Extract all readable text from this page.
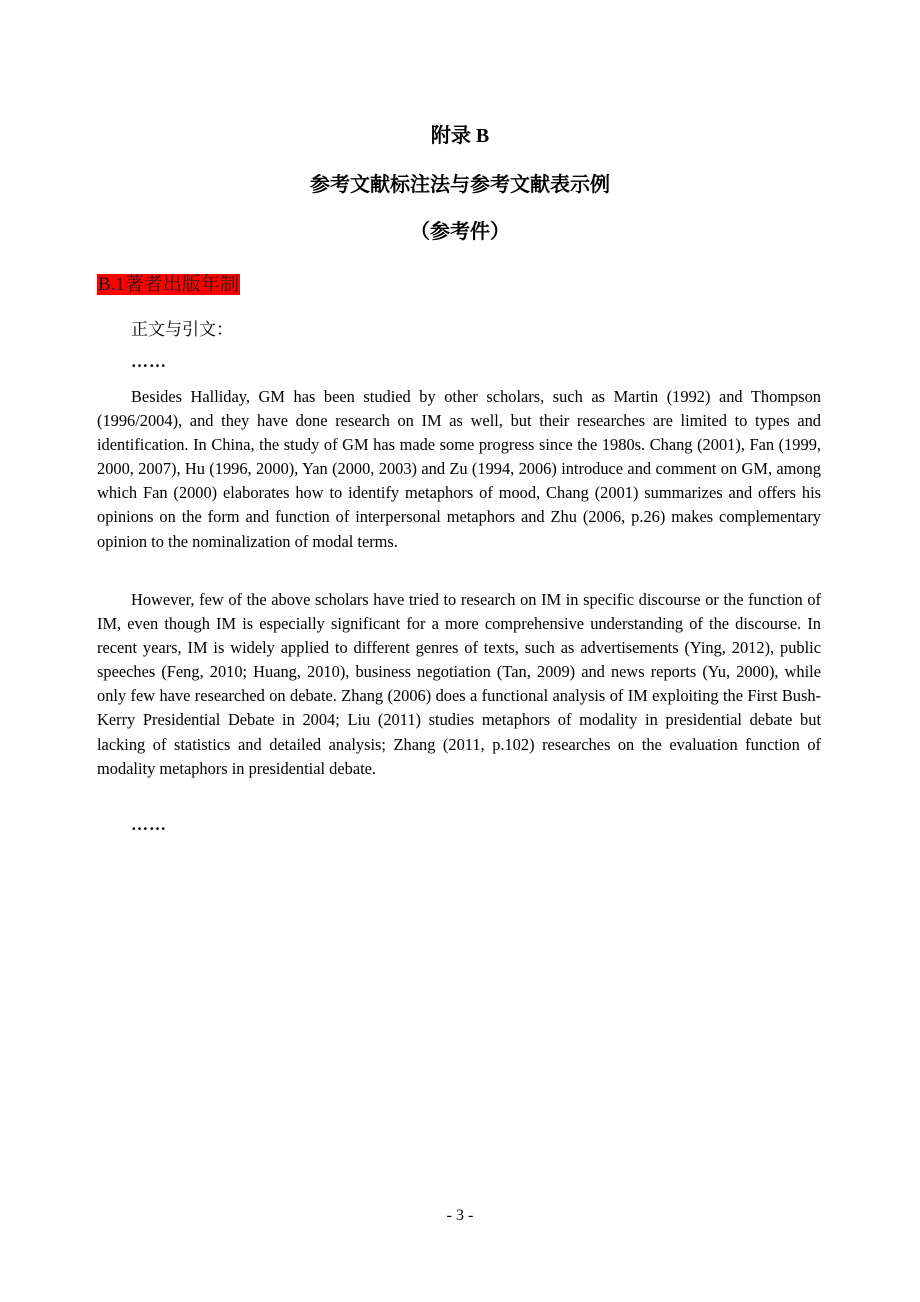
附录 B
参考文献标注法与参考文献表示例
（参考件）
B.1著者出版年制
正文与引文：
……

Besides Halliday, GM has been studied by other scholars, such as Martin (1992) and Thompson (1996/2004), and they have done research on IM as well, but their researches are limited to types and identification. In China, the study of GM has made some progress since the 1980s. Chang (2001), Fan (1999, 2000, 2007), Hu (1996, 2000), Yan (2000, 2003) and Zu (1994, 2006) introduce and comment on GM, among which Fan (2000) elaborates how to identify metaphors of mood, Chang (2001) summarizes and offers his opinions on the form and function of interpersonal metaphors and Zhu (2006, p.26) makes complementary opinion to the nominalization of modal terms.

However, few of the above scholars have tried to research on IM in specific discourse or the function of IM, even though IM is especially significant for a more comprehensive understanding of the discourse. In recent years, IM is widely applied to different genres of texts, such as advertisements (Ying, 2012), public speeches (Feng, 2010; Huang, 2010), business negotiation (Tan, 2009) and news reports (Yu, 2000), while only few have researched on debate. Zhang (2006) does a functional analysis of IM exploiting the First Bush-Kerry Presidential Debate in 2004; Liu (2011) studies metaphors of modality in presidential debate but lacking of statistics and detailed analysis; Zhang (2011, p.102) researches on the evaluation function of modality metaphors in presidential debate.

……
- 3 -
